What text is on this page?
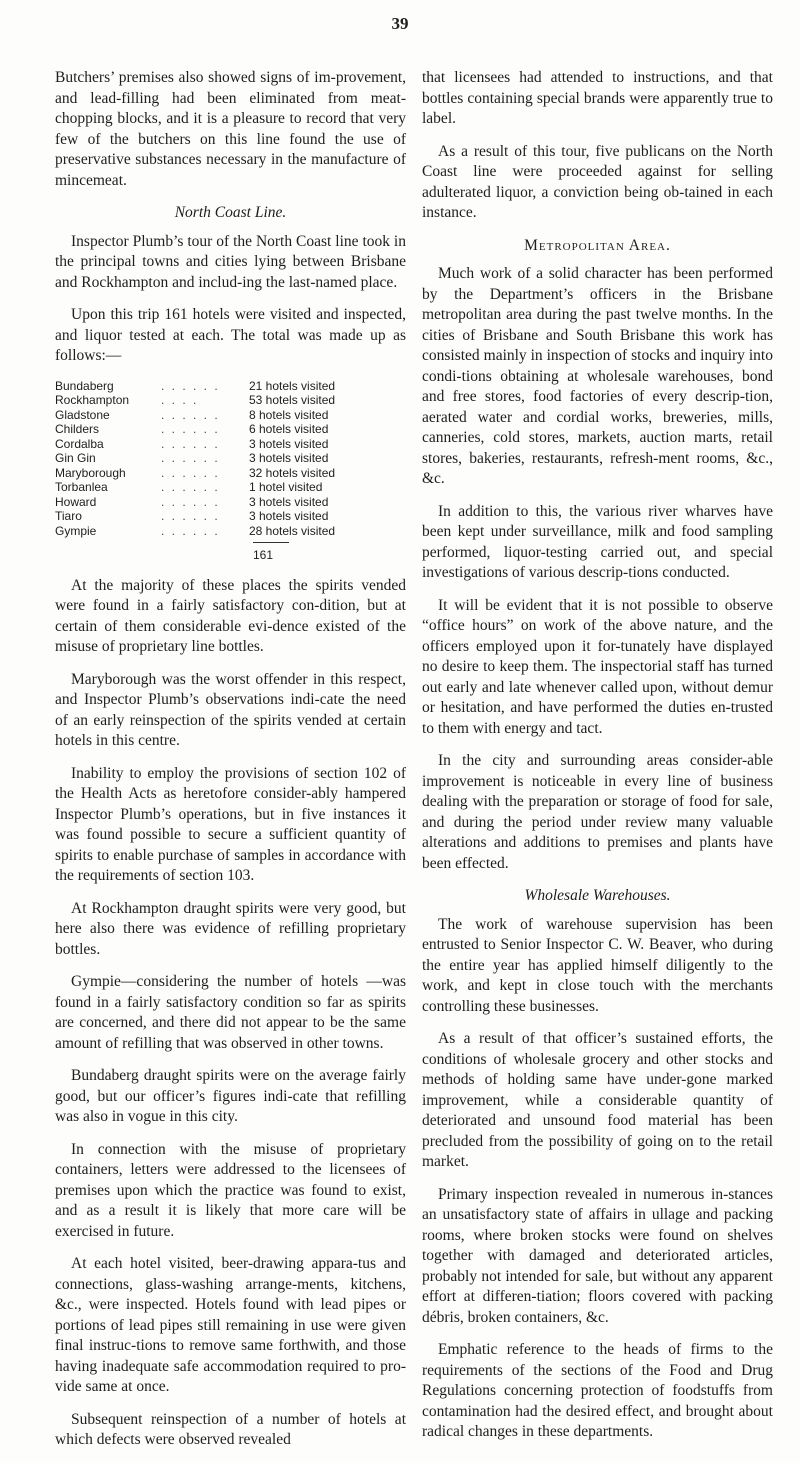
39

Butchers’ premises also showed signs of im-provement, and lead-filling had been eliminated from meat-chopping blocks, and it is a pleasure to record that very few of the butchers on this line found the use of preservative substances necessary in the manufacture of mincemeat.

North Coast Line.

Inspector Plumb’s tour of the North Coast line took in the principal towns and cities lying between Brisbane and Rockhampton and includ-ing the last-named place.

Upon this trip 161 hotels were visited and inspected, and liquor tested at each. The total was made up as follows:—

Bundaberg	. . . . . .	21 hotels visited
Rockhampton	. . . .	53 hotels visited
Gladstone	. . . . . .	8 hotels visited
Childers	. . . . . .	6 hotels visited
Cordalba	. . . . . .	3 hotels visited
Gin Gin	. . . . . .	3 hotels visited
Maryborough	. . . . . .	32 hotels visited
Torbanlea	. . . . . .	1 hotel visited
Howard	. . . . . .	3 hotels visited
Tiaro	. . . . . .	3 hotels visited
Gympie	. . . . . .	28 hotels visited
161

At the majority of these places the spirits vended were found in a fairly satisfactory con-dition, but at certain of them considerable evi-dence existed of the misuse of proprietary line bottles.

Maryborough was the worst offender in this respect, and Inspector Plumb’s observations indi-cate the need of an early reinspection of the spirits vended at certain hotels in this centre.

Inability to employ the provisions of section 102 of the Health Acts as heretofore consider-ably hampered Inspector Plumb’s operations, but in five instances it was found possible to secure a sufficient quantity of spirits to enable purchase of samples in accordance with the requirements of section 103.

At Rockhampton draught spirits were very good, but here also there was evidence of refilling proprietary bottles.

Gympie—considering the number of hotels —was found in a fairly satisfactory condition so far as spirits are concerned, and there did not appear to be the same amount of refilling that was observed in other towns.

Bundaberg draught spirits were on the average fairly good, but our officer’s figures indi-cate that refilling was also in vogue in this city.

In connection with the misuse of proprietary containers, letters were addressed to the licensees of premises upon which the practice was found to exist, and as a result it is likely that more care will be exercised in future.

At each hotel visited, beer-drawing appara-tus and connections, glass-washing arrange-ments, kitchens, &c., were inspected. Hotels found with lead pipes or portions of lead pipes still remaining in use were given final instruc-tions to remove same forthwith, and those having inadequate safe accommodation required to pro-vide same at once.

Subsequent reinspection of a number of hotels at which defects were observed revealed

that licensees had attended to instructions, and that bottles containing special brands were apparently true to label.

As a result of this tour, five publicans on the North Coast line were proceeded against for selling adulterated liquor, a conviction being ob-tained in each instance.

Metropolitan Area.

Much work of a solid character has been performed by the Department’s officers in the Brisbane metropolitan area during the past twelve months. In the cities of Brisbane and South Brisbane this work has consisted mainly in inspection of stocks and inquiry into condi-tions obtaining at wholesale warehouses, bond and free stores, food factories of every descrip-tion, aerated water and cordial works, breweries, mills, canneries, cold stores, markets, auction marts, retail stores, bakeries, restaurants, refresh-ment rooms, &c., &c.

In addition to this, the various river wharves have been kept under surveillance, milk and food sampling performed, liquor-testing carried out, and special investigations of various descrip-tions conducted.

It will be evident that it is not possible to observe “office hours” on work of the above nature, and the officers employed upon it for-tunately have displayed no desire to keep them. The inspectorial staff has turned out early and late whenever called upon, without demur or hesitation, and have performed the duties en-trusted to them with energy and tact.

In the city and surrounding areas consider-able improvement is noticeable in every line of business dealing with the preparation or storage of food for sale, and during the period under review many valuable alterations and additions to premises and plants have been effected.

Wholesale Warehouses.

The work of warehouse supervision has been entrusted to Senior Inspector C. W. Beaver, who during the entire year has applied himself diligently to the work, and kept in close touch with the merchants controlling these businesses.

As a result of that officer’s sustained efforts, the conditions of wholesale grocery and other stocks and methods of holding same have under-gone marked improvement, while a considerable quantity of deteriorated and unsound food material has been precluded from the possibility of going on to the retail market.

Primary inspection revealed in numerous in-stances an unsatisfactory state of affairs in ullage and packing rooms, where broken stocks were found on shelves together with damaged and deteriorated articles, probably not intended for sale, but without any apparent effort at differen-tiation; floors covered with packing débris, broken containers, &c.

Emphatic reference to the heads of firms to the requirements of the sections of the Food and Drug Regulations concerning protection of foodstuffs from contamination had the desired effect, and brought about radical changes in these departments.
